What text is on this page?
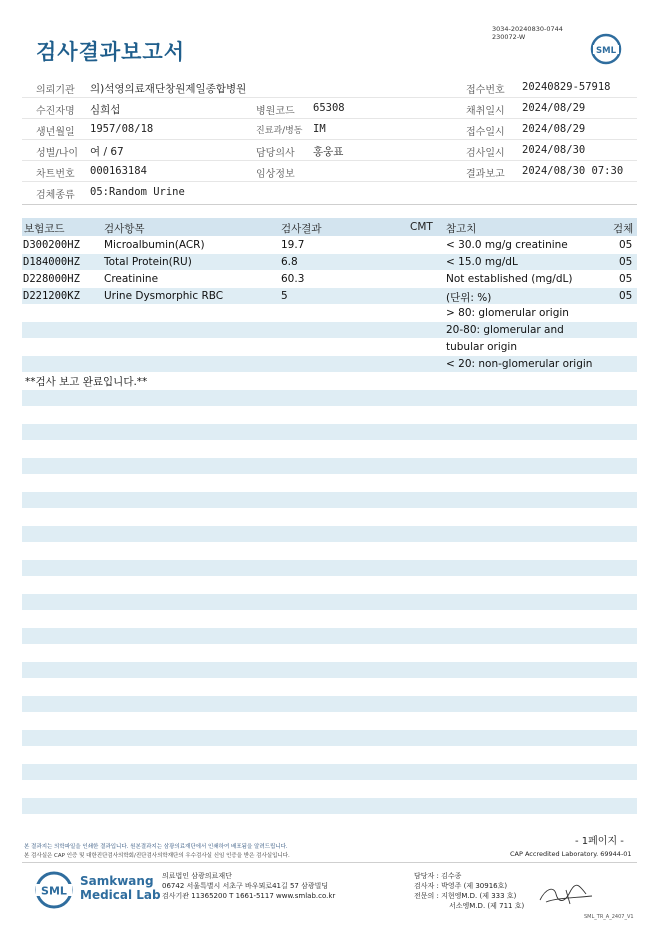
검사결과보고서
3034-20240830-0744
230072-W
SML
의뢰기관 의)석영의료재단창원제일종합병원	접수번호 20240829-57918
수진자명 심희섭	병원코드 65308	채취일시 2024/08/29
생년월일 1957/08/18	진료과/병동 IM	접수일시 2024/08/29
성별/나이 여 / 67	담당의사 홍웅표	검사일시 2024/08/30
차트번호 000163184	임상정보	결과보고 2024/08/30 07:30
검체종류 05:Random Urine
보험코드	검사항목	검사결과	CMT 참고치	검체
D300200HZ Microalbumin(ACR)	19.7	< 30.0 mg/g creatinine	05
D184000HZ Total Protein(RU)	6.8	< 15.0 mg/dL	05
D228000HZ Creatinine	60.3	Not established (mg/dL)	05
D221200KZ Urine Dysmorphic RBC	5	(단위: %)	05
> 80: glomerular origin
20-80: glomerular and
tubular origin
< 20: non-glomerular origin
**검사 보고 완료입니다.**
본 결과지는 의학파일을 인쇄한 결과입니다. 원본결과지는 삼광의료재단에서 인쇄하여 배포됨을 알려드립니다.
본 검사실은 CAP 인증 및 대한진단검사의학회/진단검사의학재단의 우수검사실 신임 인증을 받은 검사실입니다.
- 1페이지 -
CAP Accredited Laboratory. 69944-01
SML
Samkwang
Medical Lab
의료법인 삼광의료재단
06742 서울특별시 서초구 바우뫼로41길 57 삼광빌딩
검사기관 11365200 T 1661-5117 www.smlab.co.kr
담당자 : 김수종
검사자 : 박영주 (제 30916호)
전문의 : 지현엥M.D. (제 333 호)
서소엥M.D. (제 711 호)
SML_TR_A_2407_V1
